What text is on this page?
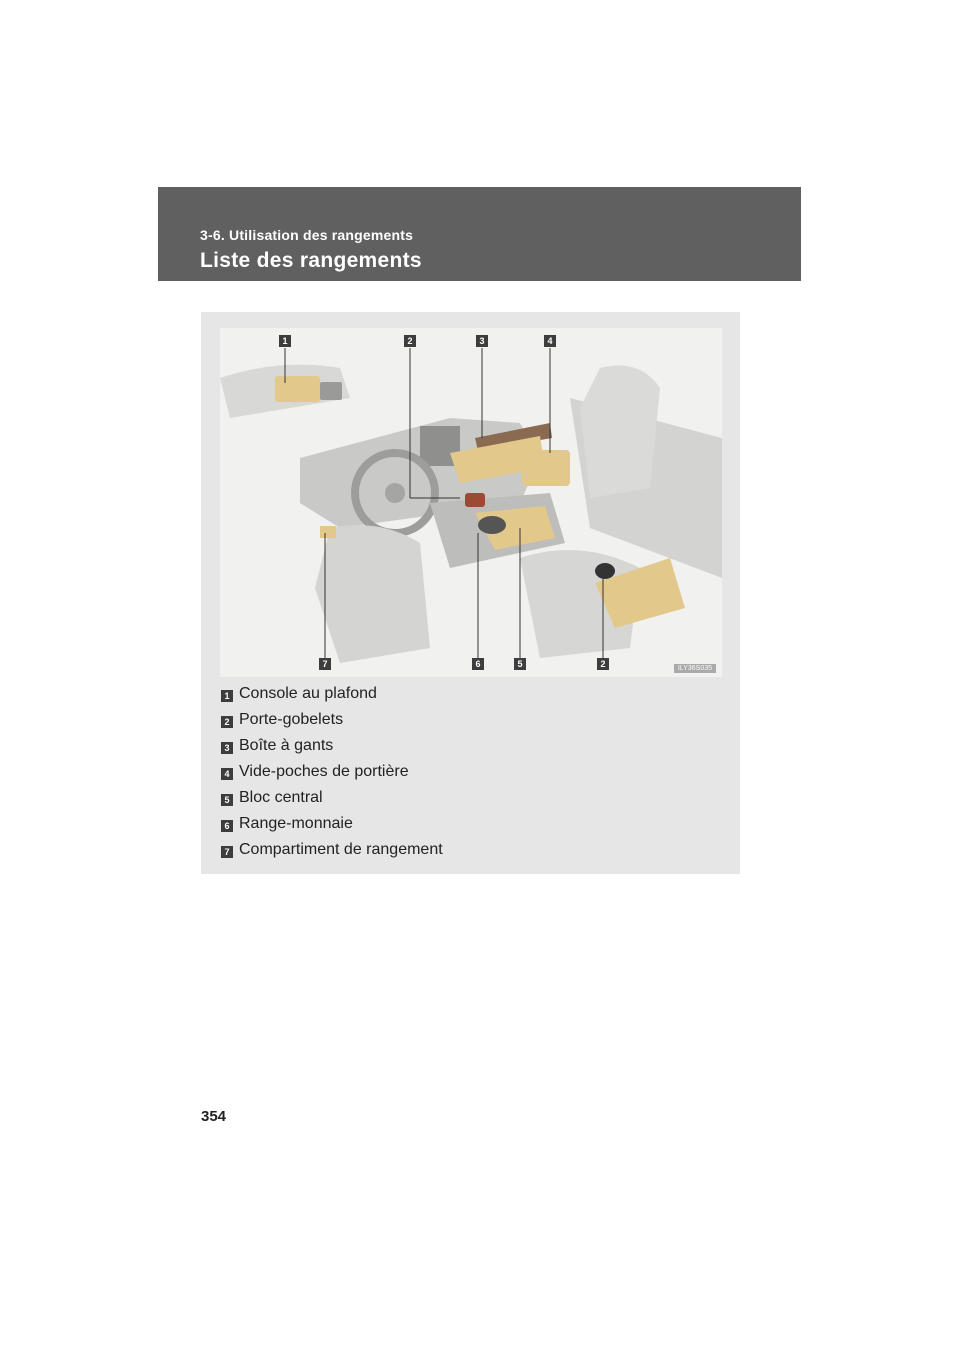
3-6. Utilisation des rangements
Liste des rangements
1	2	3	4
7	6	5	2	ILY36S035
1 Console au plafond
2 Porte-gobelets
3 Boîte à gants
4 Vide-poches de portière
5 Bloc central
6 Range-monnaie
7 Compartiment de rangement
354
